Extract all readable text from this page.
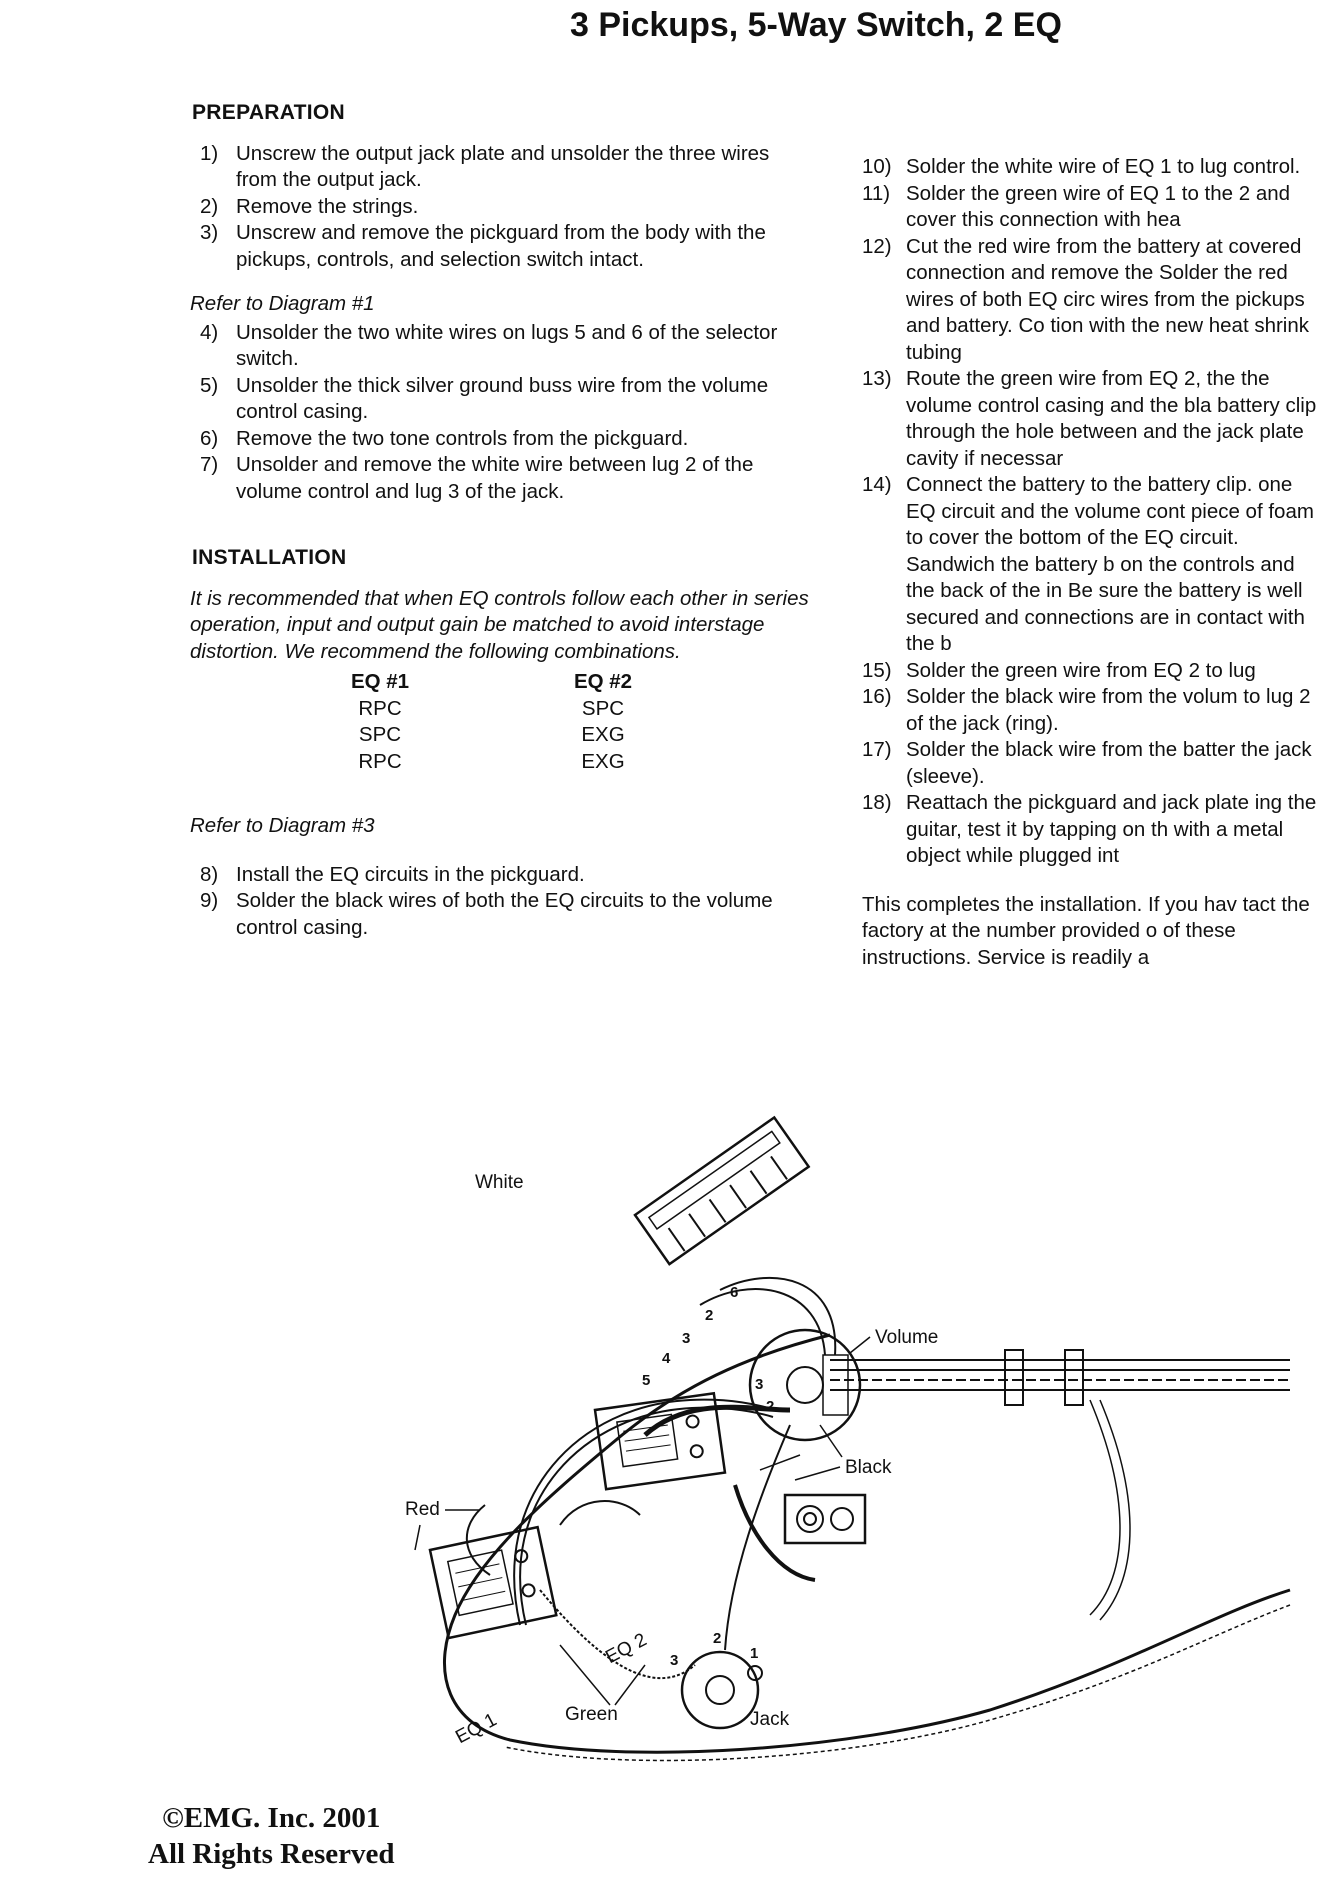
3 Pickups, 5-Way Switch, 2 EQ
PREPARATION
1) Unscrew the output jack plate and unsolder the three wires from the output jack.
2) Remove the strings.
3) Unscrew and remove the pickguard from the body with the pickups, controls, and selection switch intact.

Refer to Diagram #1

4) Unsolder the two white wires on lugs 5 and 6 of the selector switch.
5) Unsolder the thick silver ground buss wire from the volume control casing.
6) Remove the two tone controls from the pickguard.
7) Unsolder and remove the white wire between lug 2 of the volume control and lug 3 of the jack.
INSTALLATION

It is recommended that when EQ controls follow each other in series operation, input and output gain be matched to avoid interstage distortion. We recommend the following combinations.

EQ #1
RPC
SPC
RPC
EQ #2
SPC
EXG
EXG

Refer to Diagram #3

8) Install the EQ circuits in the pickguard.
9) Solder the black wires of both the EQ circuits to the volume control casing.
10) Solder the white wire of EQ 1 to lug control.
11) Solder the green wire of EQ 1 to the 2 and cover this connection with hea
12) Cut the red wire from the battery at covered connection and remove the Solder the red wires of both EQ circ wires from the pickups and battery. Co tion with the new heat shrink tubing
13) Route the green wire from EQ 2, the the volume control casing and the bla battery clip through the hole between and the jack plate cavity if necessar
14) Connect the battery to the battery clip. one EQ circuit and the volume cont piece of foam to cover the bottom of the EQ circuit. Sandwich the battery b on the controls and the back of the in Be sure the battery is well secured and connections are in contact with the b
15) Solder the green wire from EQ 2 to lug
16) Solder the black wire from the volum to lug 2 of the jack (ring).
17) Solder the black wire from the batter the jack (sleeve).
18) Reattach the pickguard and jack plate ing the guitar, test it by tapping on th with a metal object while plugged int

This completes the installation. If you hav tact the factory at the number provided o of these instructions. Service is readily a

2
3
4
5
6
Volume
3
2
EQ 2
EQ 1
Black
Red
Jack
3
2
1
Green
White
©EMG. Inc. 2001
All Rights Reserved
